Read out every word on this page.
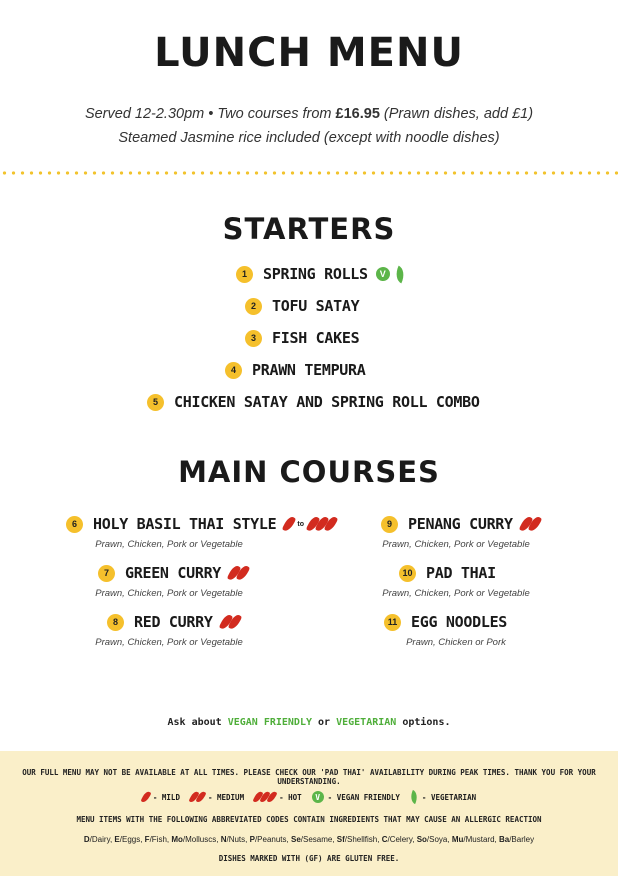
LUNCH MENU
Served 12-2.30pm • Two courses from £16.95 (Prawn dishes, add £1)
Steamed Jasmine rice included (except with noodle dishes)
STARTERS
1	SPRING ROLLS	V
2	TOFU SATAY
3	FISH CAKES
4	PRAWN TEMPURA
5	CHICKEN SATAY AND SPRING ROLL COMBO
MAIN COURSES
6	HOLY BASIL THAI STYLE	to
Prawn, Chicken, Pork or Vegetable
7	GREEN CURRY
Prawn, Chicken, Pork or Vegetable
8	RED CURRY
Prawn, Chicken, Pork or Vegetable
9	PENANG CURRY
Prawn, Chicken, Pork or Vegetable
10 PAD THAI
Prawn, Chicken, Pork or Vegetable
11 EGG NOODLES
Prawn, Chicken or Pork
Ask about VEGAN FRIENDLY or VEGETARIAN options.
OUR FULL MENU MAY NOT BE AVAILABLE AT ALL TIMES. PLEASE CHECK OUR 'PAD THAI' AVAILABILITY DURING PEAK TIMES. THANK YOU FOR YOUR UNDERSTANDING.
- MILD	- MEDIUM	- HOT	V	- VEGAN FRIENDLY	- VEGETARIAN
MENU ITEMS WITH THE FOLLOWING ABBREVIATED CODES CONTAIN INGREDIENTS THAT MAY CAUSE AN ALLERGIC REACTION
D/Dairy, E/Eggs, F/Fish, Mo/Molluscs, N/Nuts, P/Peanuts, Se/Sesame, Sf/Shellfish, C/Celery, So/Soya, Mu/Mustard, Ba/Barley
DISHES MARKED WITH (GF) ARE GLUTEN FREE.
